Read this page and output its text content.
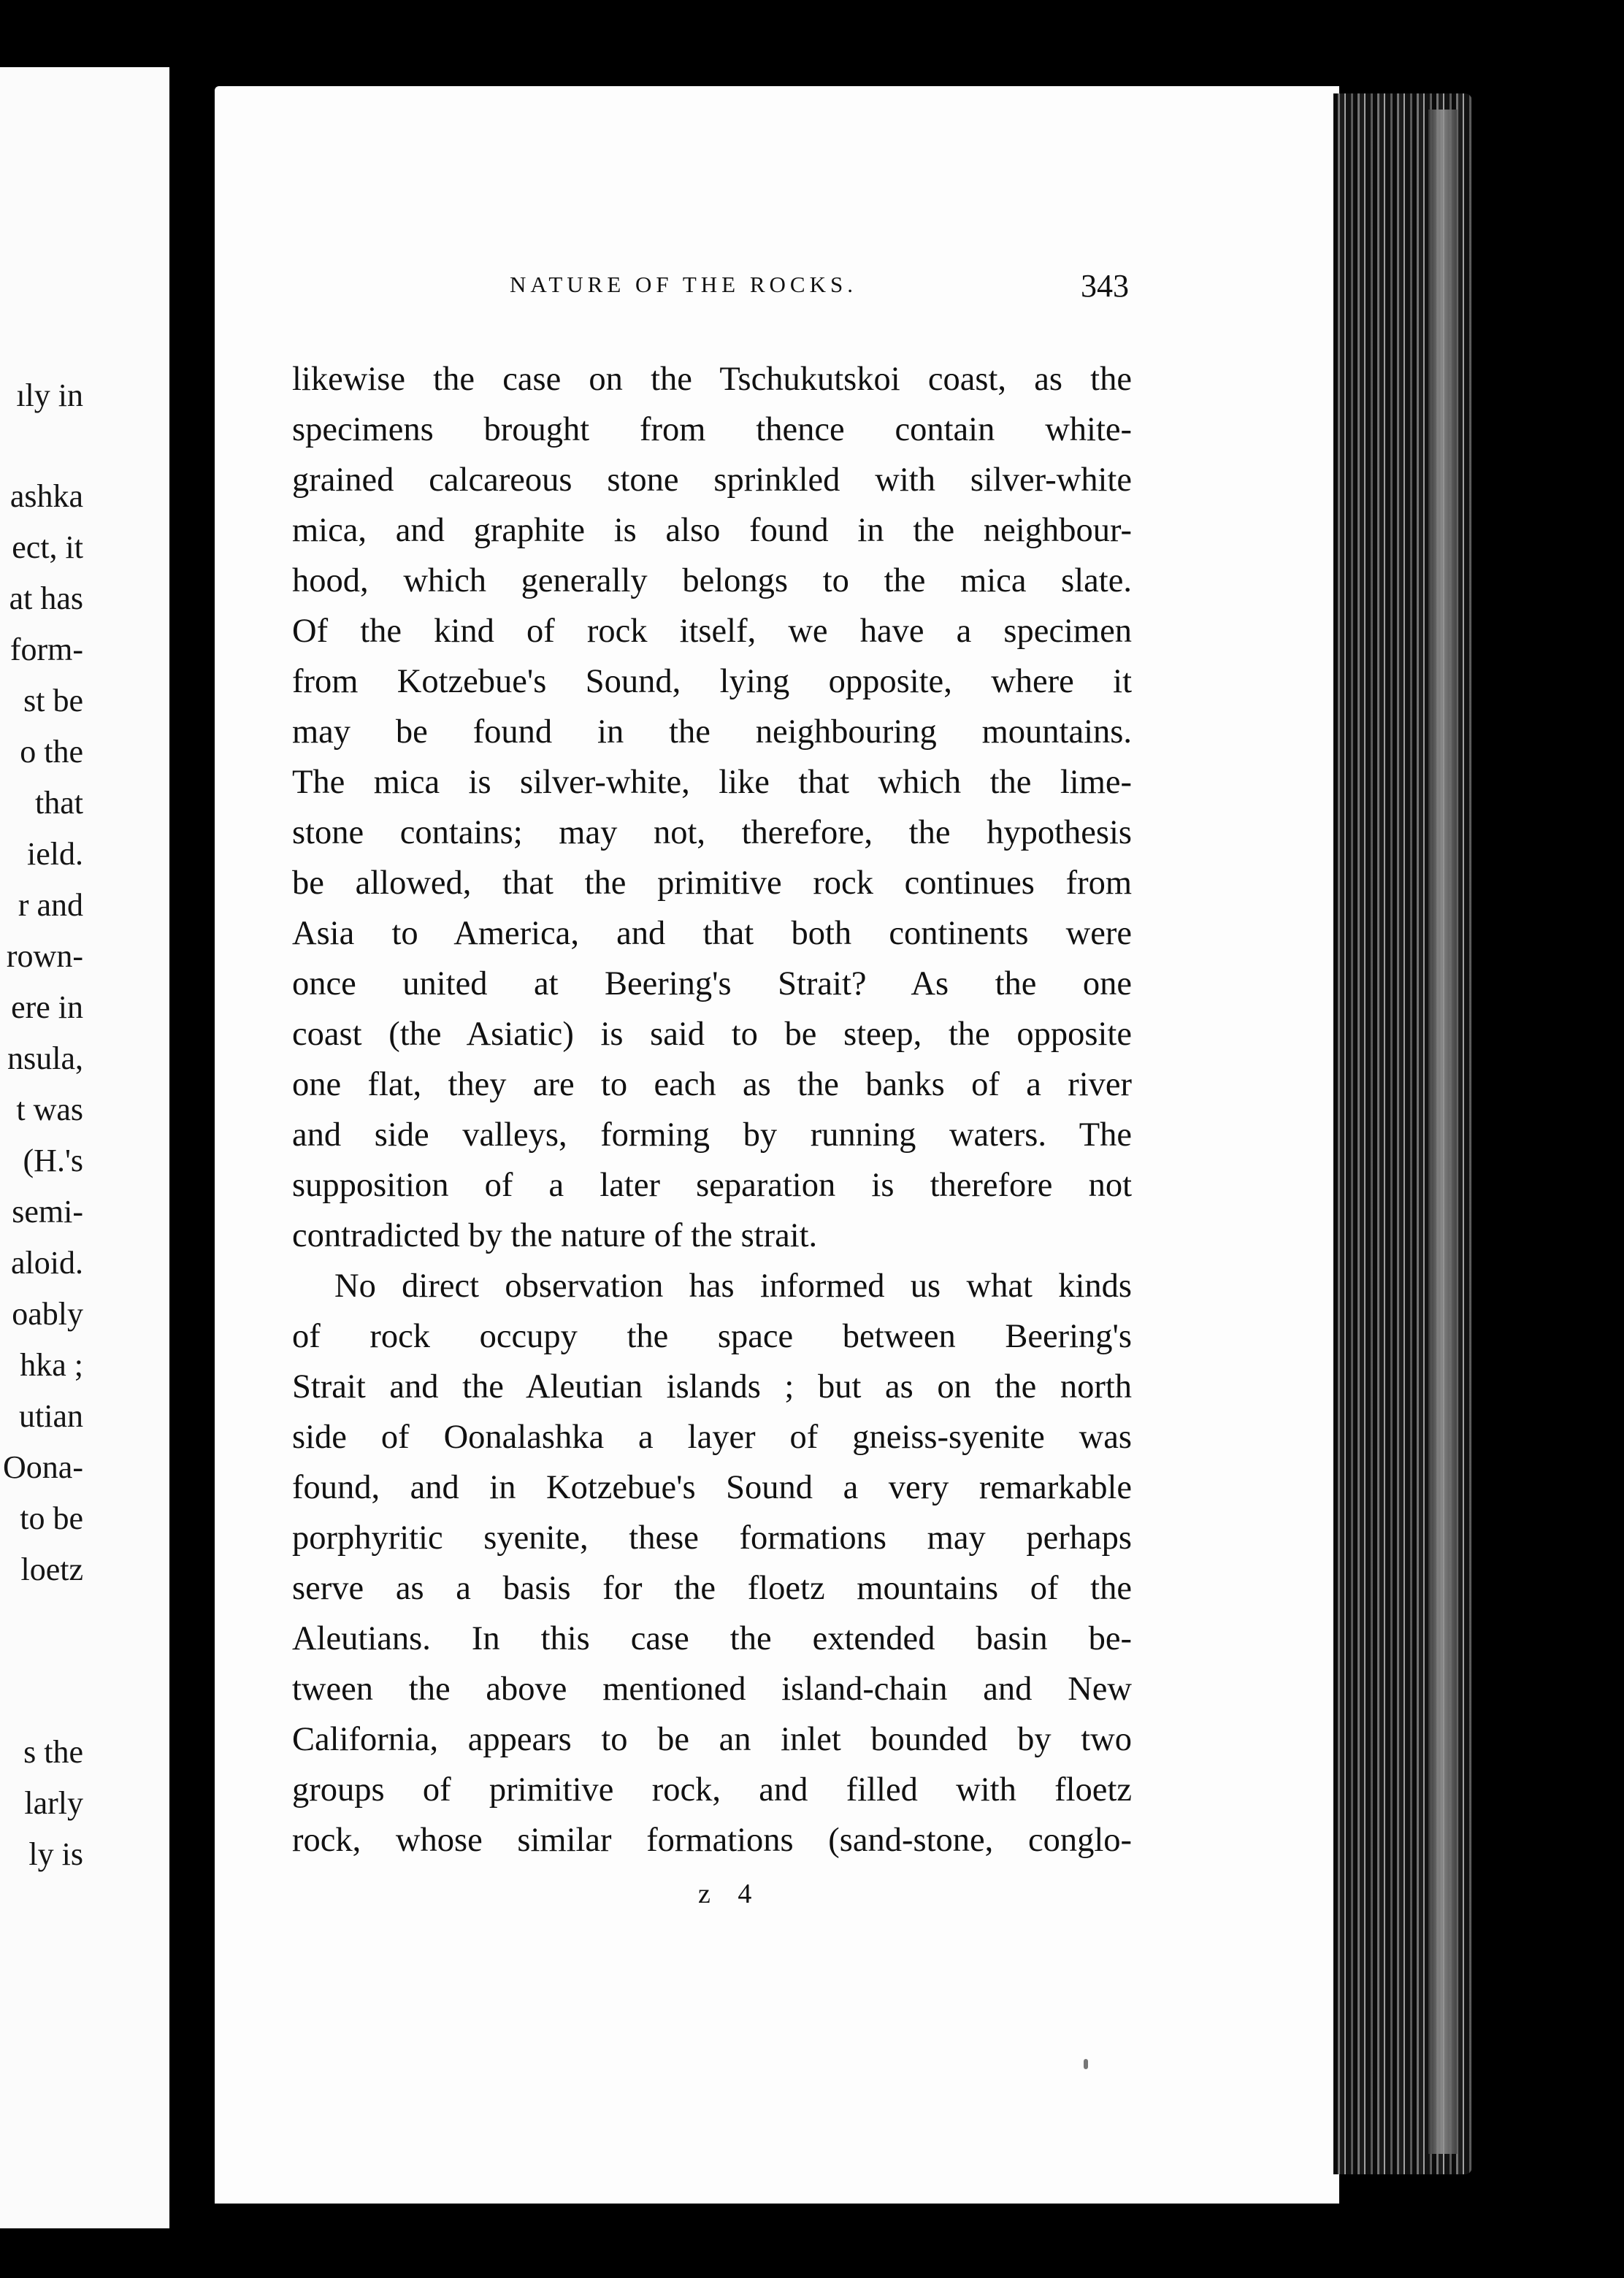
ıly in
ashka
ect, it
at has
form-
st be
o the
that
ield.
r and
rown-
ere in
nsula,
t was
(H.'s
semi-
aloid.
oably
hka ;
utian
Oona-
to be
loetz
s the
larly
ly is
NATURE OF THE ROCKS.	343
likewise the case on the Tschukutskoi coast, as the
specimens brought from thence contain white-
grained calcareous stone sprinkled with silver-white
mica, and graphite is also found in the neighbour-
hood, which generally belongs to the mica slate.
Of the kind of rock itself, we have a specimen
from Kotzebue's Sound, lying opposite, where it
may be found in the neighbouring mountains.
The mica is silver-white, like that which the lime-
stone contains; may not, therefore, the hypothesis
be allowed, that the primitive rock continues from
Asia to America, and that both continents were
once united at Beering's Strait? As the one
coast (the Asiatic) is said to be steep, the opposite
one flat, they are to each as the banks of a river
and side valleys, forming by running waters. The
supposition of a later separation is therefore not
contradicted by the nature of the strait.
No direct observation has informed us what kinds
of rock occupy the space between Beering's
Strait and the Aleutian islands ; but as on the north
side of Oonalashka a layer of gneiss-syenite was
found, and in Kotzebue's Sound a very remarkable
porphyritic syenite, these formations may perhaps
serve as a basis for the floetz mountains of the
Aleutians. In this case the extended basin be-
tween the above mentioned island-chain and New
California, appears to be an inlet bounded by two
groups of primitive rock, and filled with floetz
rock, whose similar formations (sand-stone, conglo-
z 4
